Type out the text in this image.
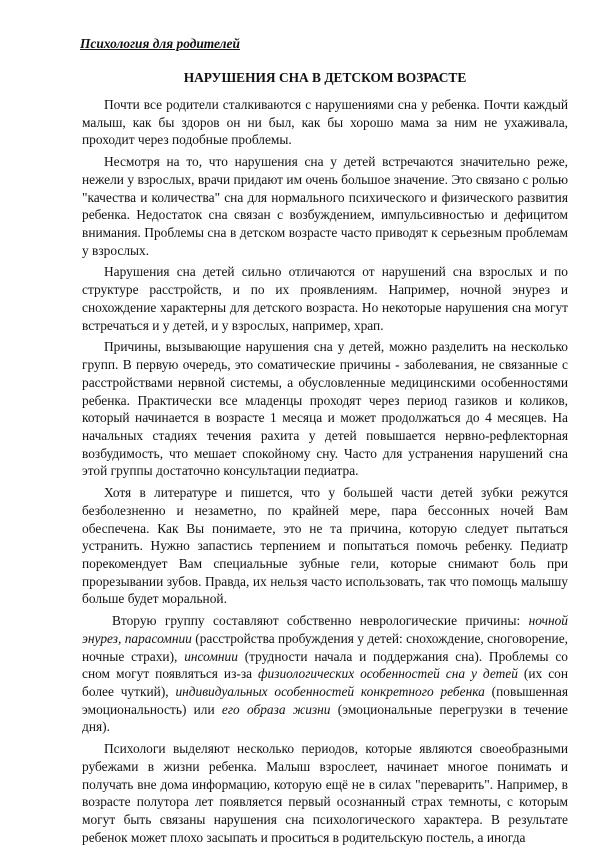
Психология для родителей
НАРУШЕНИЯ СНА В ДЕТСКОМ ВОЗРАСТЕ

Почти все родители сталкиваются с нарушениями сна у ребенка. Почти каждый малыш, как бы здоров он ни был, как бы хорошо мама за ним не ухаживала, проходит через подобные проблемы.

Несмотря на то, что нарушения сна у детей встречаются значительно реже, нежели у взрослых, врачи придают им очень большое значение. Это связано с ролью "качества и количества" сна для нормального психического и физического развития ребенка. Недостаток сна связан с возбуждением, импульсивностью и дефицитом внимания. Проблемы сна в детском возрасте часто приводят к серьезным проблемам у взрослых.

Нарушения сна детей сильно отличаются от нарушений сна взрослых и по структуре расстройств, и по их проявлениям. Например, ночной энурез и снохождение характерны для детского возраста. Но некоторые нарушения сна могут встречаться и у детей, и у взрослых, например, храп.

Причины, вызывающие нарушения сна у детей, можно разделить на несколько групп. В первую очередь, это соматические причины - заболевания, не связанные с расстройствами нервной системы, а обусловленные медицинскими особенностями ребенка. Практически все младенцы проходят через период газиков и коликов, который начинается в возрасте 1 месяца и может продолжаться до 4 месяцев. На начальных стадиях течения рахита у детей повышается нервно-рефлекторная возбудимость, что мешает спокойному сну. Часто для устранения нарушений сна этой группы достаточно консультации педиатра.

Хотя в литературе и пишется, что у большей части детей зубки режутся безболезненно и незаметно, по крайней мере, пара бессонных ночей Вам обеспечена. Как Вы понимаете, это не та причина, которую следует пытаться устранить. Нужно запастись терпением и попытаться помочь ребенку. Педиатр порекомендует Вам специальные зубные гели, которые снимают боль при прорезывании зубов. Правда, их нельзя часто использовать, так что помощь малышу больше будет моральной.

Вторую группу составляют собственно неврологические причины: ночной энурез, парасомнии (расстройства пробуждения у детей: снохождение, сноговорение, ночные страхи), инсомнии (трудности начала и поддержания сна). Проблемы со сном могут появляться из-за физиологических особенностей сна у детей (их сон более чуткий), индивидуальных особенностей конкретного ребенка (повышенная эмоциональность) или его образа жизни (эмоциональные перегрузки в течение дня).

Психологи выделяют несколько периодов, которые являются своеобразными рубежами в жизни ребенка. Малыш взрослеет, начинает многое понимать и получать вне дома информацию, которую ещё не в силах "переварить". Например, в возрасте полутора лет появляется первый осознанный страх темноты, с которым могут быть связаны нарушения сна психологического характера. В результате ребенок может плохо засыпать и проситься в родительскую постель, а иногда
